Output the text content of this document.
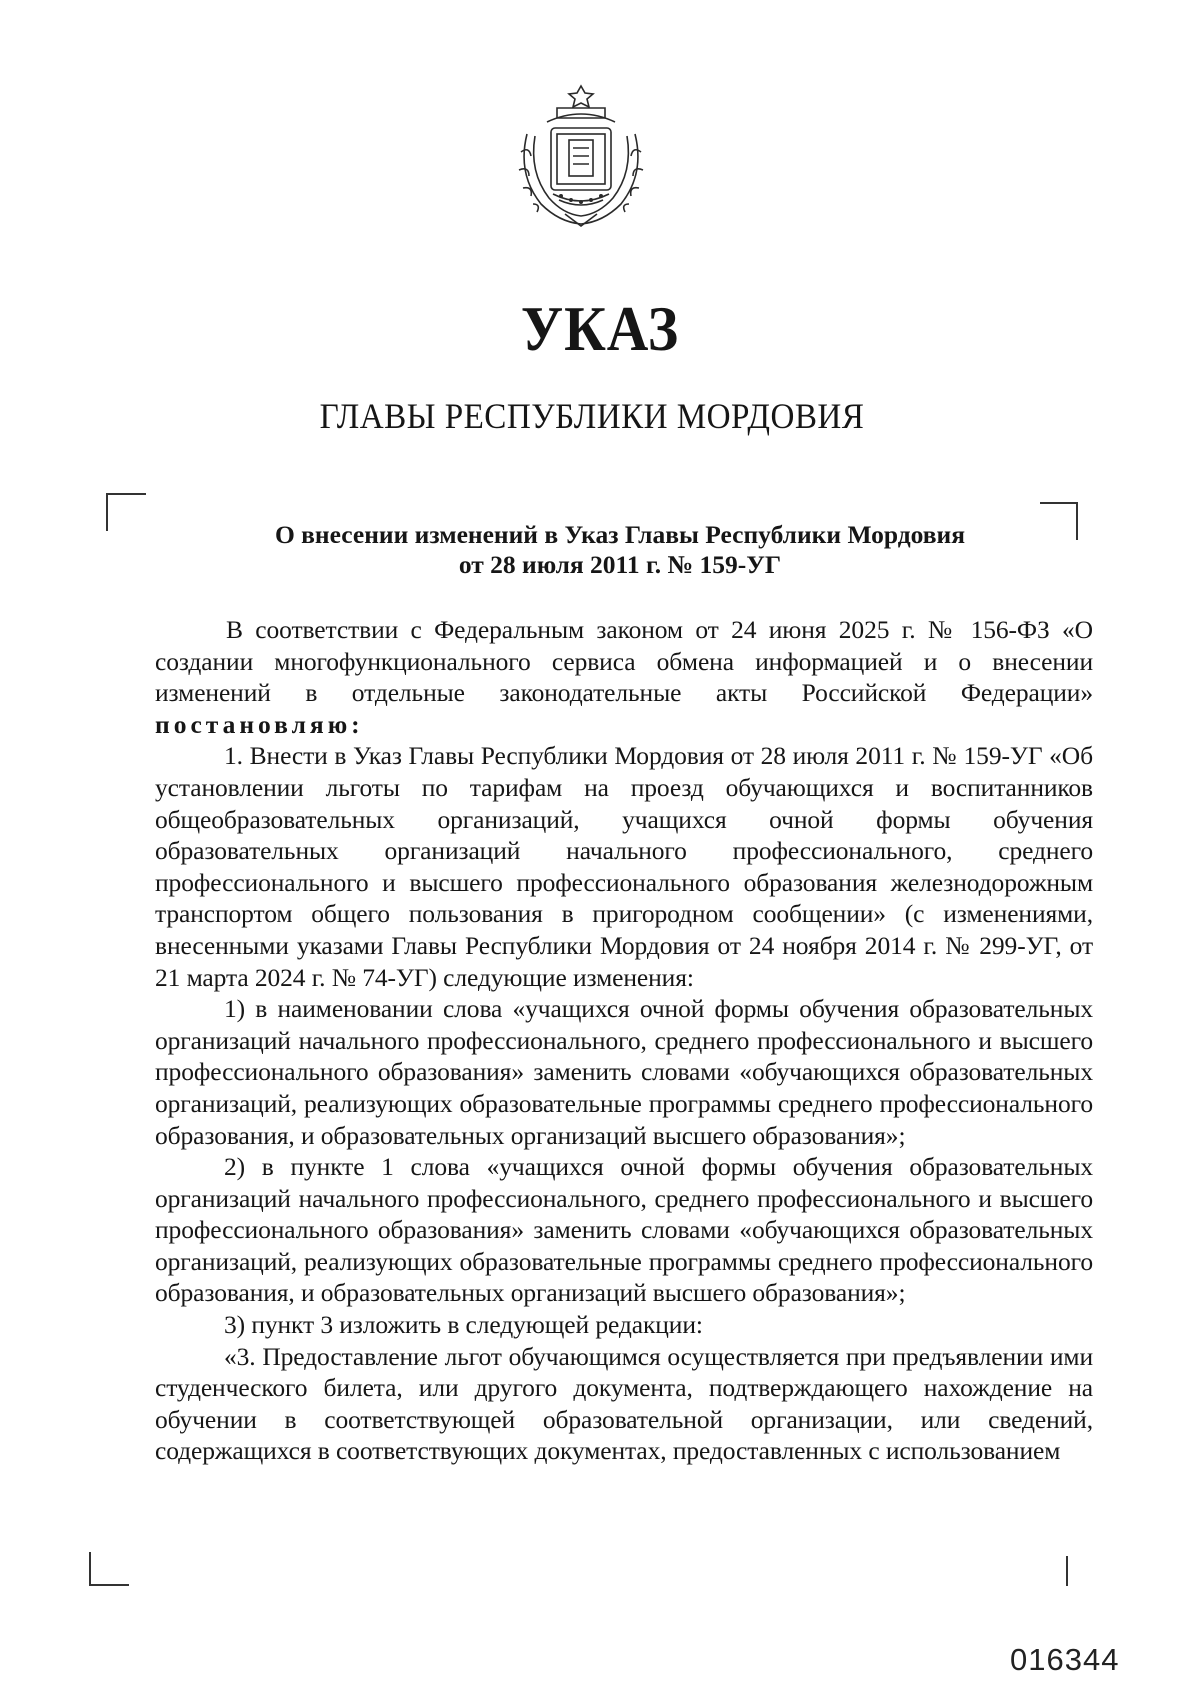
УКАЗ
ГЛАВЫ РЕСПУБЛИКИ МОРДОВИЯ
О внесении изменений в Указ Главы Республики Мордовия
от 28 июля 2011 г. № 159-УГ

В соответствии с Федеральным законом от 24 июня 2025 г. № 156-ФЗ «О создании многофункционального сервиса обмена информацией и о внесении изменений в отдельные законодательные акты Российской Федерации» постановляю:

1. Внести в Указ Главы Республики Мордовия от 28 июля 2011 г. № 159-УГ «Об установлении льготы по тарифам на проезд обучающихся и воспитанников общеобразовательных организаций, учащихся очной формы обучения образовательных организаций начального профессионального, среднего профессионального и высшего профессионального образования железнодорожным транспортом общего пользования в пригородном сообщении» (с изменениями, внесенными указами Главы Республики Мордовия от 24 ноября 2014 г. № 299-УГ, от 21 марта 2024 г. № 74-УГ) следующие изменения:

1) в наименовании слова «учащихся очной формы обучения образовательных организаций начального профессионального, среднего профессионального и высшего профессионального образования» заменить словами «обучающихся образовательных организаций, реализующих образовательные программы среднего профессионального образования, и образовательных организаций высшего образования»;

2) в пункте 1 слова «учащихся очной формы обучения образовательных организаций начального профессионального, среднего профессионального и высшего профессионального образования» заменить словами «обучающихся образовательных организаций, реализующих образовательные программы среднего профессионального образования, и образовательных организаций высшего образования»;

3) пункт 3 изложить в следующей редакции:

«3. Предоставление льгот обучающимся осуществляется при предъявлении ими студенческого билета, или другого документа, подтверждающего нахождение на обучении в соответствующей образовательной организации, или сведений, содержащихся в соответствующих документах, предоставленных с использованием

016344
